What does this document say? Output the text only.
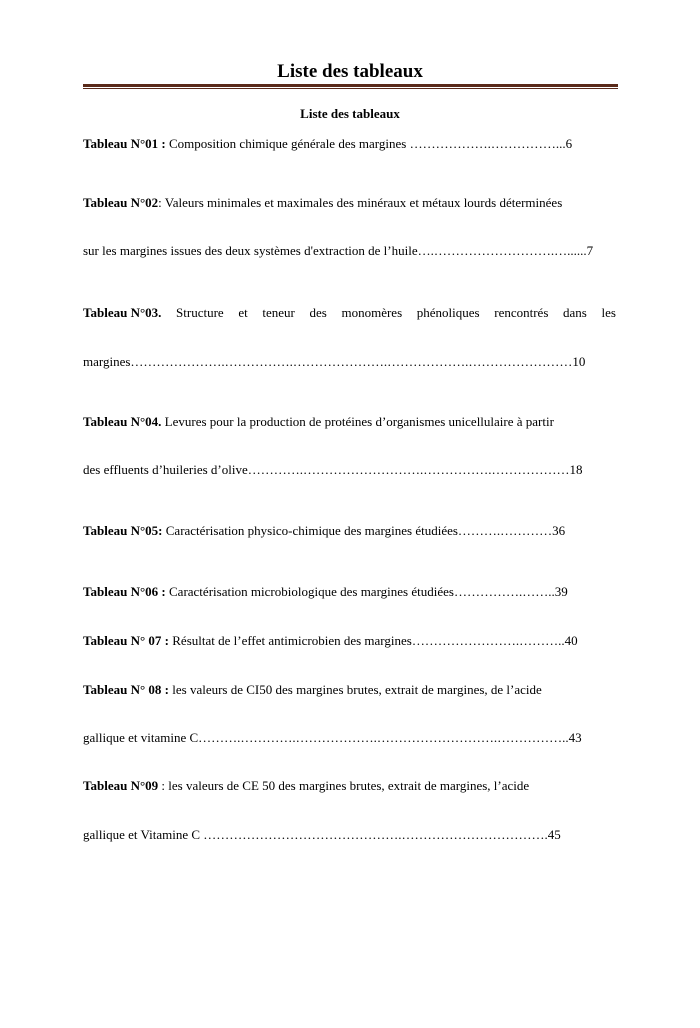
Liste des tableaux
Liste des tableaux
Tableau N°01 : Composition chimique générale des margines ……………….……………...6
Tableau N°02: Valeurs minimales et maximales des minéraux et métaux lourds déterminées
sur les margines issues des deux systèmes d'extraction de l’huile….……………………….…......7
Tableau N°03. Structure et teneur des monomères phénoliques rencontrés dans les
margines………………….…………….………………….……………….……………………10
Tableau N°04. Levures pour la production de protéines d’organismes unicellulaire à partir
des effluents d’huileries d’olive………….……………………….…………….………………18
Tableau N°05: Caractérisation physico-chimique des margines étudiées……….…………36
Tableau N°06 : Caractérisation microbiologique des margines étudiées…………….……..39
Tableau N° 07 : Résultat de l’effet antimicrobien des margines…………………….………..40
Tableau N° 08 : les valeurs de CI50 des margines brutes, extrait de margines, de l’acide
gallique et vitamine C……….………….……………….……………………….……………..43
Tableau N°09 : les valeurs de CE 50 des margines brutes, extrait de margines, l’acide
gallique et Vitamine C ……………………………………….…………………………….45
